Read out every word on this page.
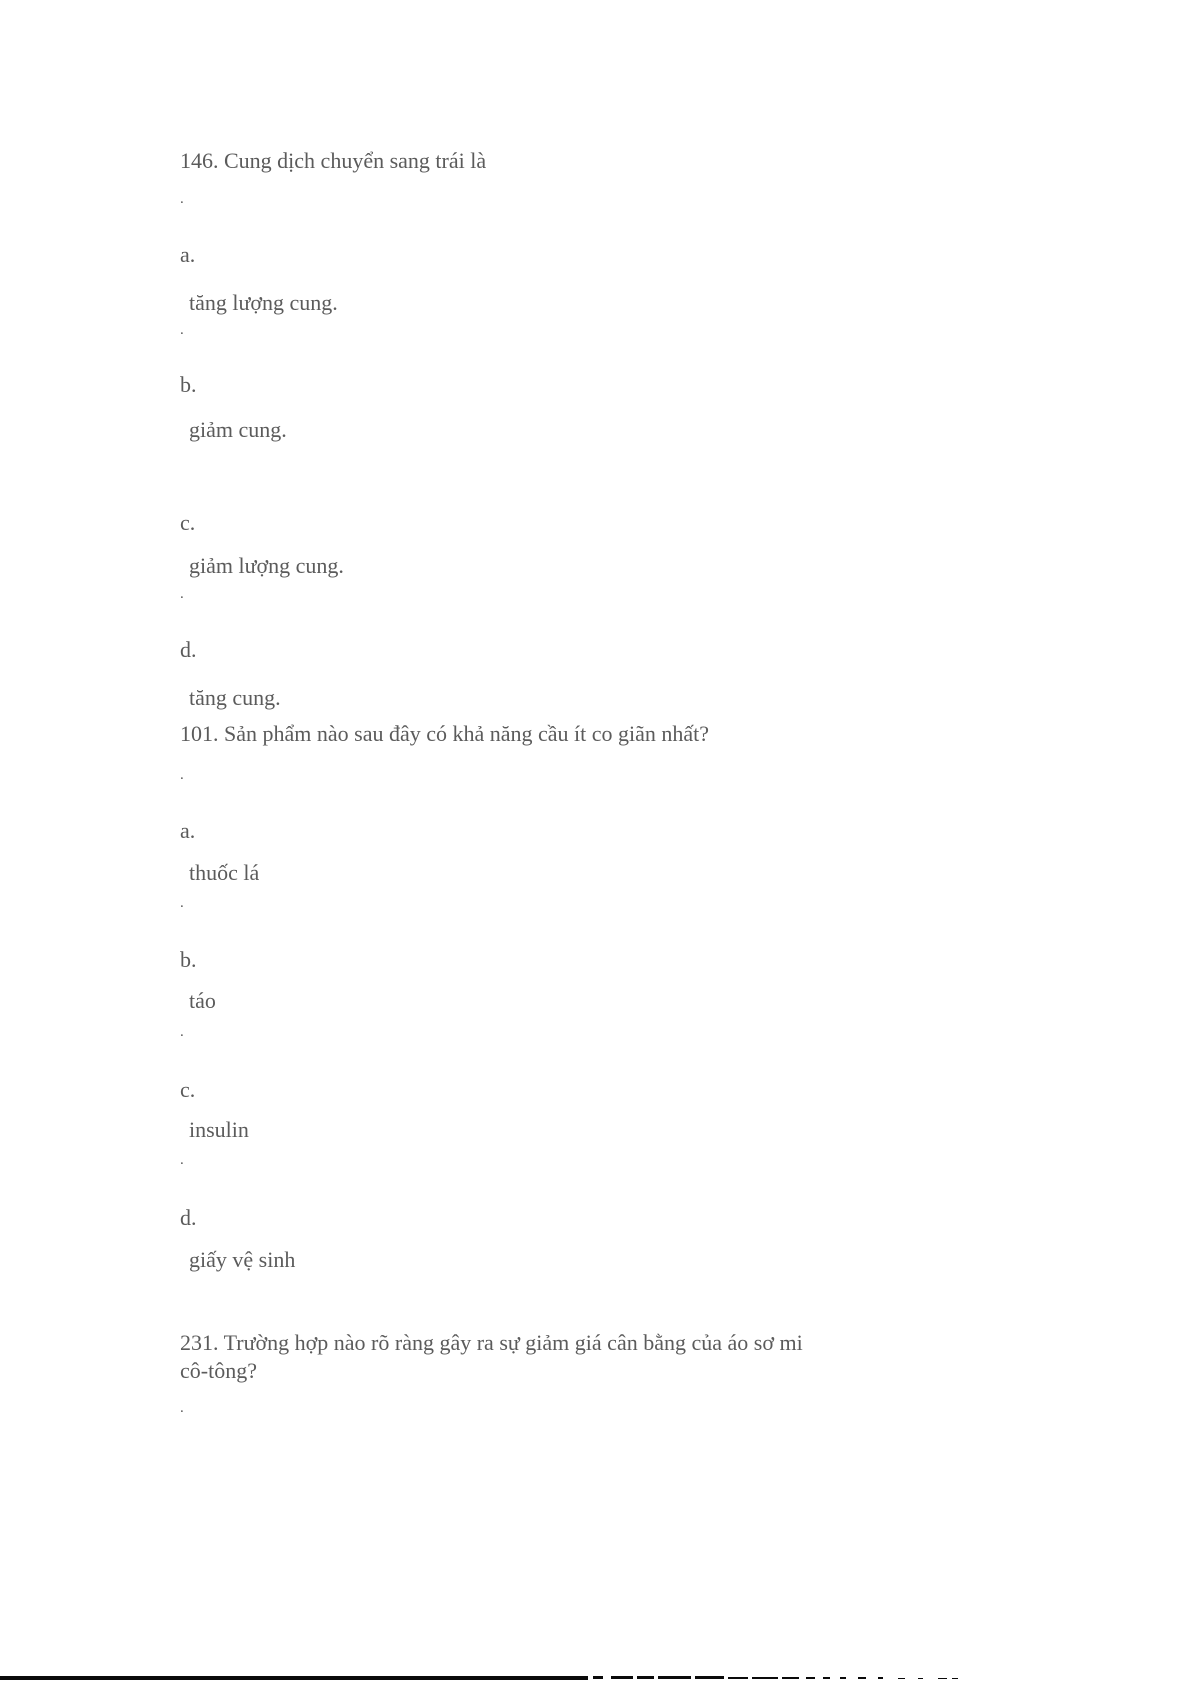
146. Cung dịch chuyển sang trái là
.
a.
tăng lượng cung.
.
b.
giảm cung.
c.
giảm lượng cung.
.
d.
tăng cung.
101. Sản phẩm nào sau đây có khả năng cầu ít co giãn nhất?
.
a.
thuốc lá
.
b.
táo
.
c.
insulin
.
d.
giấy vệ sinh
231. Trường hợp nào rõ ràng gây ra sự giảm giá cân bằng của áo sơ mi
cô-tông?
.
